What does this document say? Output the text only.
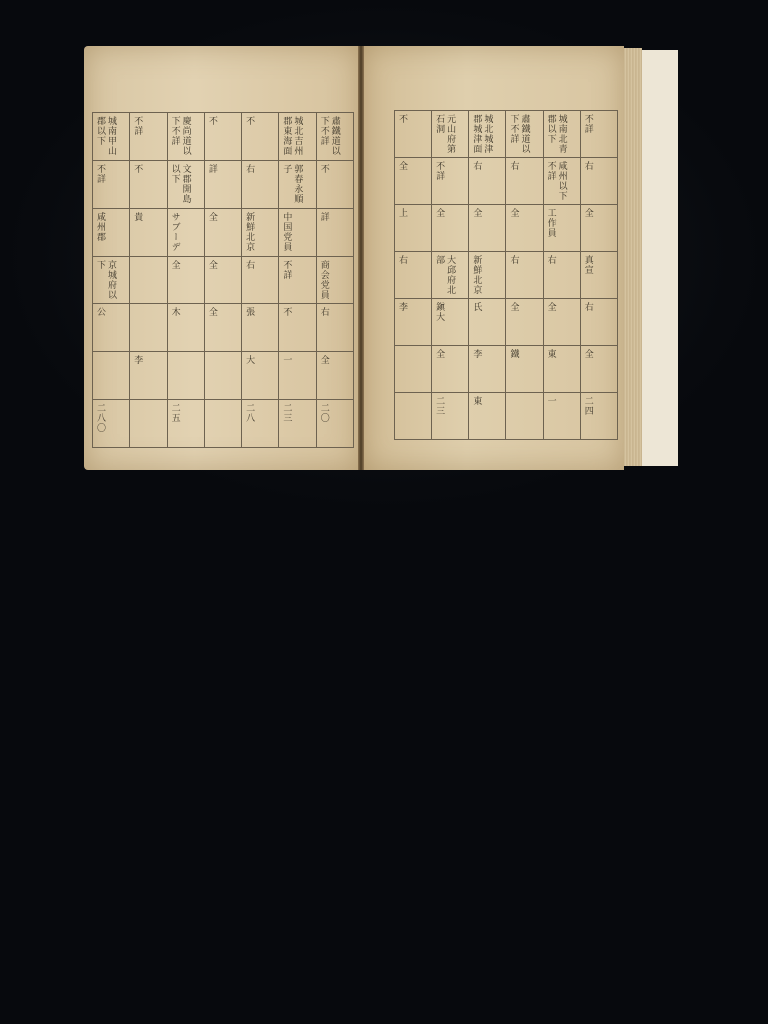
城南甲山郡以下	不詳	慶尚道以下不詳	不	不	城北吉州郡東海面	肅鐵道以下不詳

不詳	不	文郡開島以下	詳	右	郭春永順子	不

咸州郡	貴	サブーデ	全	新鮮北京	中国党員	詳

京城府以下		全	全	右	不詳	商会党員

公		木	全	張	不	右

	李			大	一	全

二八〇		二五		二八	二三	二〇
不	元山府第石洞	城北城津郡城津面	肅鐵道以下不詳	城南北青郡以下	不詳

全	不詳	右	右	咸州以下不詳	右

上	全	全	全	工作員	全

右	大邱府北部	新鮮北京	右	右	真宣

李	鎭大	氏	全	全	右

	全	李	鐵	東	全

	二三	東		一	二四
